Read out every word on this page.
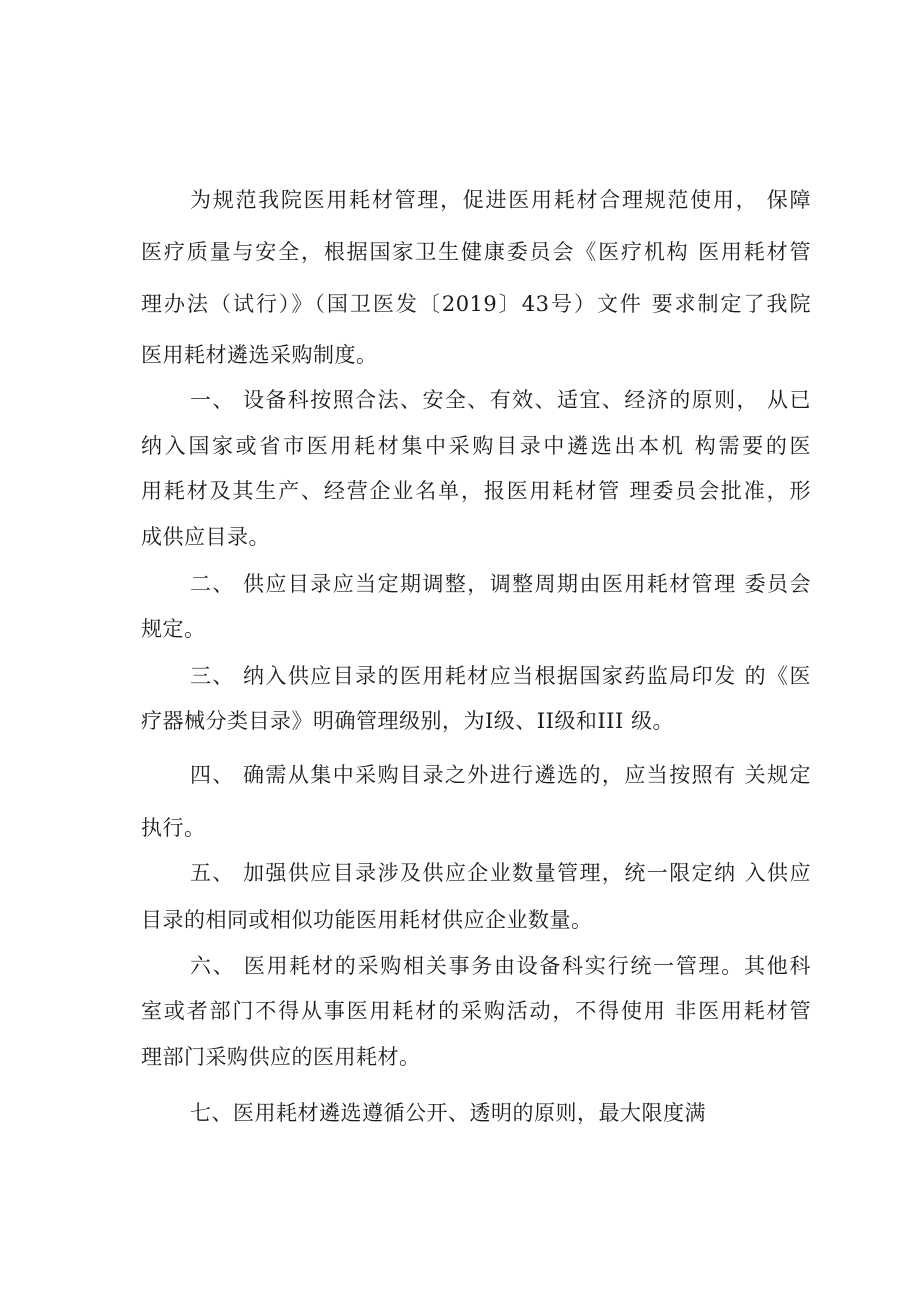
为规范我院医用耗材管理，促进医用耗材合理规范使用， 保障
医疗质量与安全，根据国家卫生健康委员会《医疗机构 医用耗材管
理办法（试行）》（国卫医发〔2019〕43号）文件 要求制定了我院
医用耗材遴选采购制度。
一、 设备科按照合法、安全、有效、适宜、经济的原则， 从已
纳入国家或省市医用耗材集中采购目录中遴选出本机 构需要的医
用耗材及其生产、经营企业名单，报医用耗材管 理委员会批准，形
成供应目录。
二、 供应目录应当定期调整，调整周期由医用耗材管理 委员会
规定。
三、 纳入供应目录的医用耗材应当根据国家药监局印发 的《医
疗器械分类目录》明确管理级别，为I级、II级和III 级。
四、 确需从集中采购目录之外进行遴选的，应当按照有 关规定
执行。
五、 加强供应目录涉及供应企业数量管理，统一限定纳 入供应
目录的相同或相似功能医用耗材供应企业数量。
六、 医用耗材的采购相关事务由设备科实行统一管理。其他科
室或者部门不得从事医用耗材的采购活动，不得使用 非医用耗材管
理部门采购供应的医用耗材。
七、医用耗材遴选遵循公开、透明的原则，最大限度满
